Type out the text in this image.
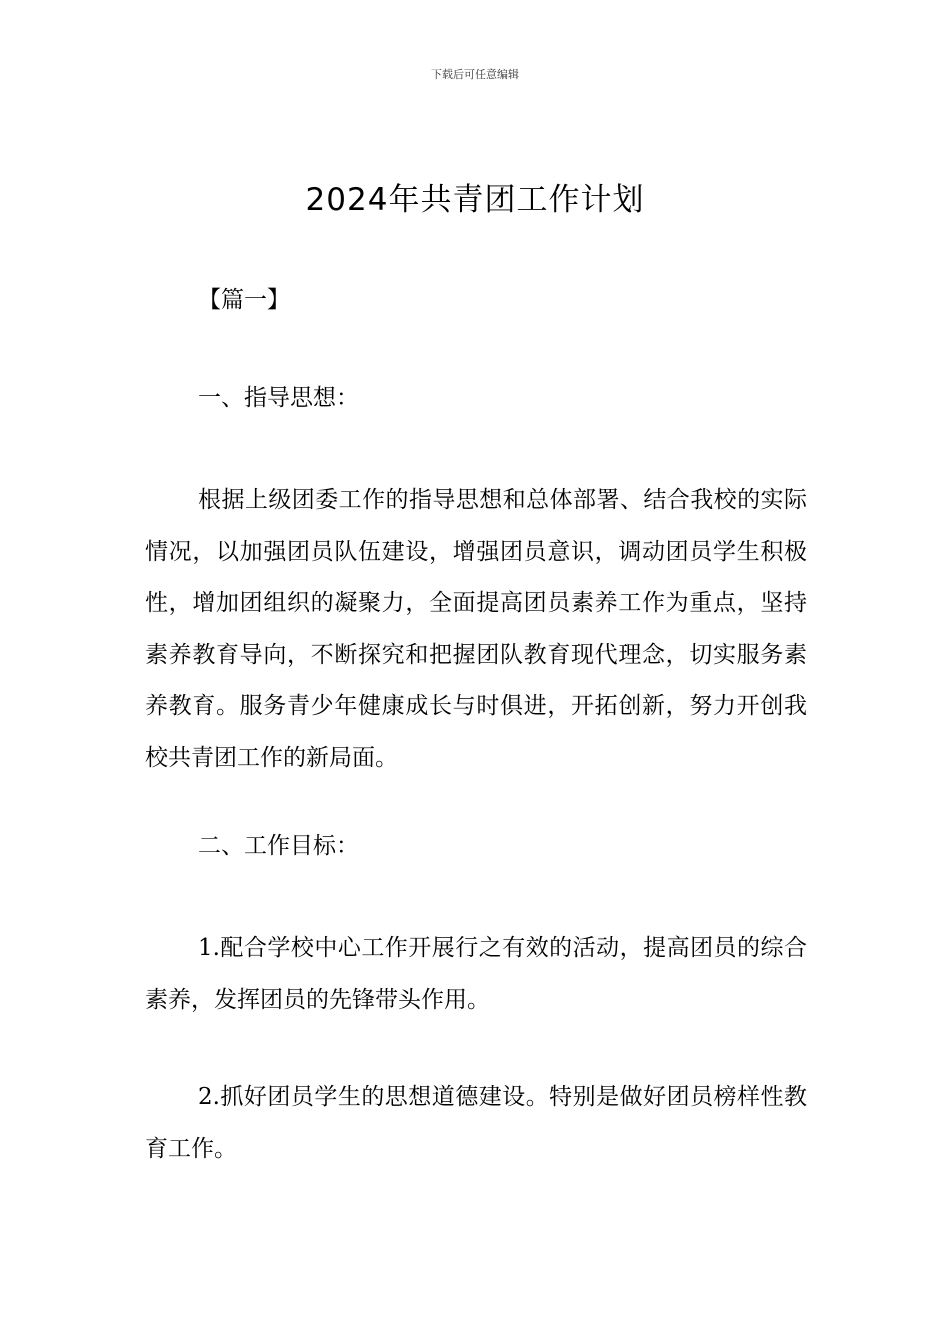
下载后可任意编辑
2024年共青团工作计划
【篇一】
一、指导思想：

根据上级团委工作的指导思想和总体部署、结合我校的实际情况，以加强团员队伍建设，增强团员意识，调动团员学生积极性，增加团组织的凝聚力，全面提高团员素养工作为重点，坚持素养教育导向，不断探究和把握团队教育现代理念，切实服务素养教育。服务青少年健康成长与时俱进，开拓创新，努力开创我校共青团工作的新局面。

二、工作目标：

1.配合学校中心工作开展行之有效的活动，提高团员的综合素养，发挥团员的先锋带头作用。

2.抓好团员学生的思想道德建设。特别是做好团员榜样性教育工作。
